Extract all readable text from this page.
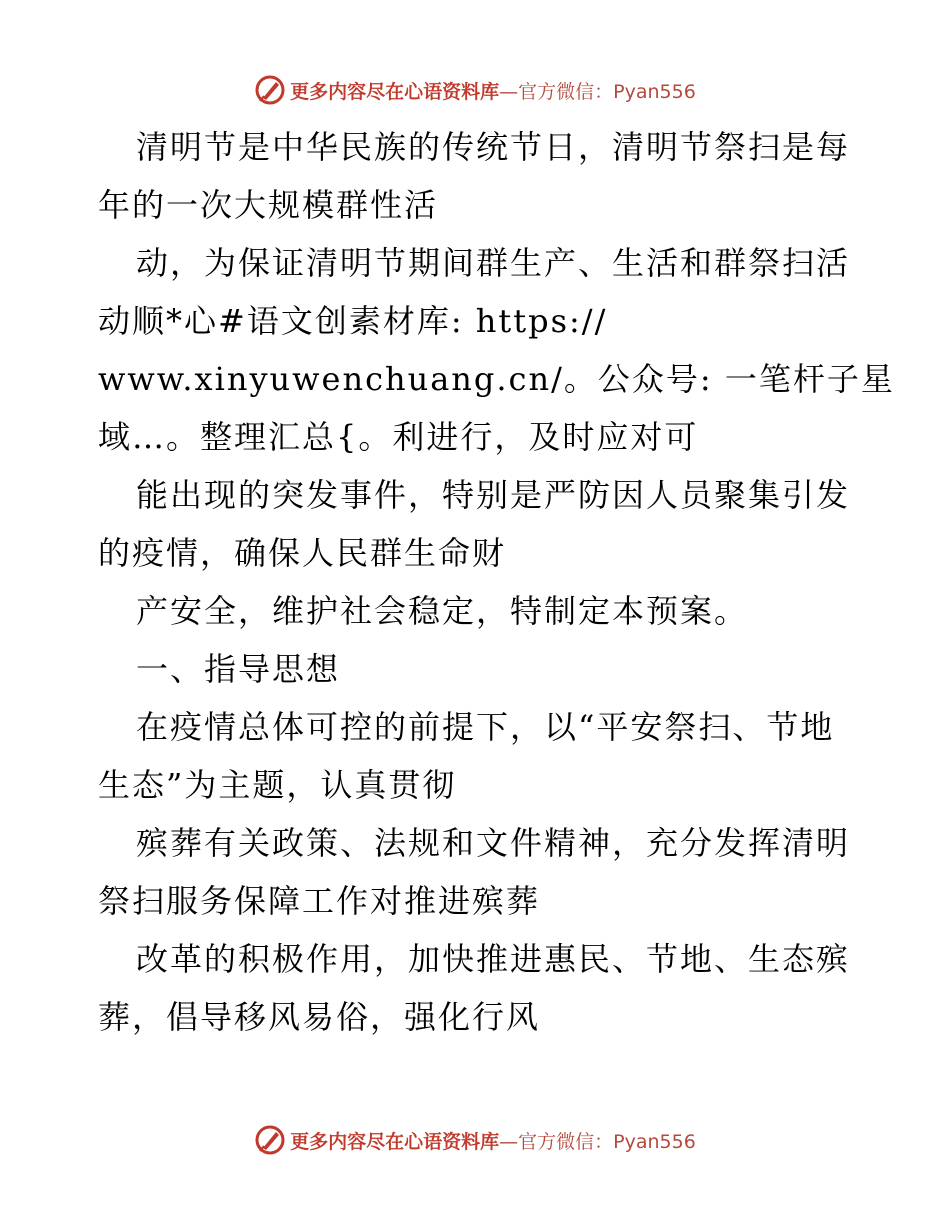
更多内容尽在心语资料库 —官方微信：Pyan556
清明节是中华民族的传统节日，清明节祭扫是每
年的一次大规模群性活
动，为保证清明节期间群生产、生活和群祭扫活
动顺*心#语文创素材库: https://
www.xinyuwenchuang.cn/。公众号: 一笔杆子星
域…。整理汇总{。利进行，及时应对可
能出现的突发事件，特别是严防因人员聚集引发
的疫情，确保人民群生命财
产安全，维护社会稳定，特制定本预案。
一、指导思想
在疫情总体可控的前提下，以“平安祭扫、节地
生态”为主题，认真贯彻
殡葬有关政策、法规和文件精神，充分发挥清明
祭扫服务保障工作对推进殡葬
改革的积极作用，加快推进惠民、节地、生态殡
葬，倡导移风易俗，强化行风
更多内容尽在心语资料库 —官方微信：Pyan556
